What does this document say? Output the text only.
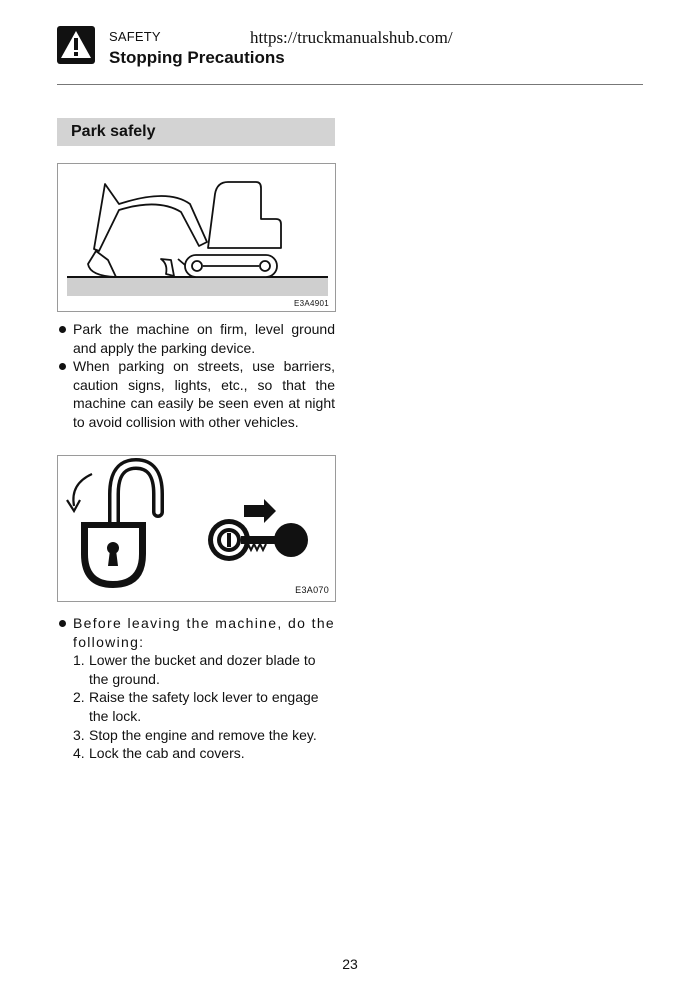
SAFETY	https://truckmanualshub.com/
Stopping Precautions
Park safely
E3A4901
Park the machine on firm, level ground and apply the parking device.
When parking on streets, use barriers, caution signs, lights, etc., so that the machine can easily be seen even at night to avoid collision with other vehicles.
E3A070
Before leaving the machine, do the following:
1. Lower the bucket and dozer blade to the ground.
2. Raise the safety lock lever to engage the lock.
3. Stop the engine and remove the key.
4. Lock the cab and covers.
23
